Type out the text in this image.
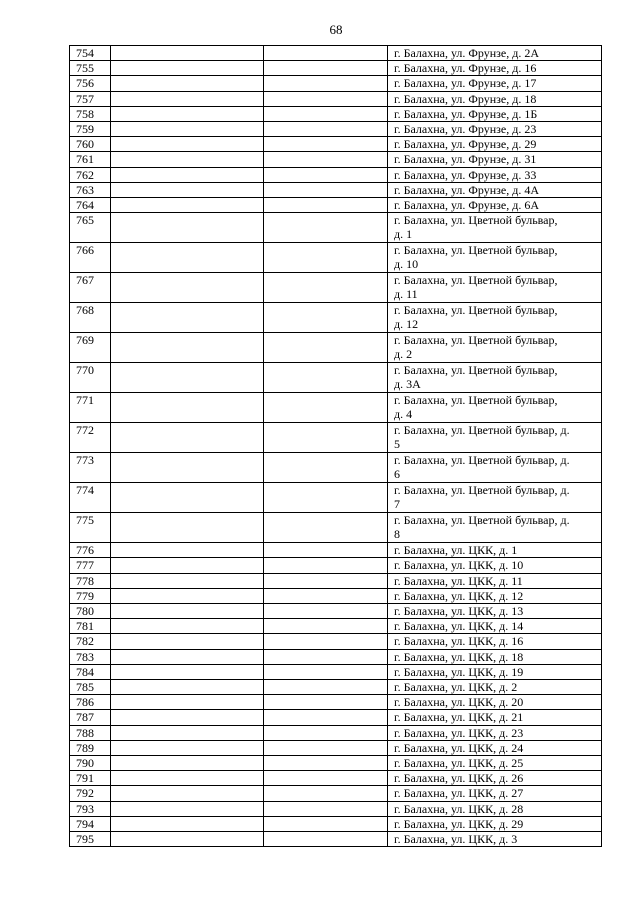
68
754			г. Балахна, ул. Фрунзе, д. 2А
755			г. Балахна, ул. Фрунзе, д. 16
756			г. Балахна, ул. Фрунзе, д. 17
757			г. Балахна, ул. Фрунзе, д. 18
758			г. Балахна, ул. Фрунзе, д. 1Б
759			г. Балахна, ул. Фрунзе, д. 23
760			г. Балахна, ул. Фрунзе, д. 29
761			г. Балахна, ул. Фрунзе, д. 31
762			г. Балахна, ул. Фрунзе, д. 33
763			г. Балахна, ул. Фрунзе, д. 4А
764			г. Балахна, ул. Фрунзе, д. 6А
765			г. Балахна, ул. Цветной бульвар,
д. 1

766			г. Балахна, ул. Цветной бульвар,
д. 10

767			г. Балахна, ул. Цветной бульвар,
д. 11

768			г. Балахна, ул. Цветной бульвар,
д. 12

769			г. Балахна, ул. Цветной бульвар,
д. 2

770			г. Балахна, ул. Цветной бульвар,
д. 3А

771			г. Балахна, ул. Цветной бульвар,
д. 4

772			г. Балахна, ул. Цветной бульвар, д.
5

773			г. Балахна, ул. Цветной бульвар, д.
6

774			г. Балахна, ул. Цветной бульвар, д.
7

775			г. Балахна, ул. Цветной бульвар, д.
8

776			г. Балахна, ул. ЦКК, д. 1
777			г. Балахна, ул. ЦКК, д. 10
778			г. Балахна, ул. ЦКК, д. 11
779			г. Балахна, ул. ЦКК, д. 12
780			г. Балахна, ул. ЦКК, д. 13
781			г. Балахна, ул. ЦКК, д. 14
782			г. Балахна, ул. ЦКК, д. 16
783			г. Балахна, ул. ЦКК, д. 18
784			г. Балахна, ул. ЦКК, д. 19
785			г. Балахна, ул. ЦКК, д. 2
786			г. Балахна, ул. ЦКК, д. 20
787			г. Балахна, ул. ЦКК, д. 21
788			г. Балахна, ул. ЦКК, д. 23
789			г. Балахна, ул. ЦКК, д. 24
790			г. Балахна, ул. ЦКК, д. 25
791			г. Балахна, ул. ЦКК, д. 26
792			г. Балахна, ул. ЦКК, д. 27
793			г. Балахна, ул. ЦКК, д. 28
794			г. Балахна, ул. ЦКК, д. 29
795			г. Балахна, ул. ЦКК, д. 3
